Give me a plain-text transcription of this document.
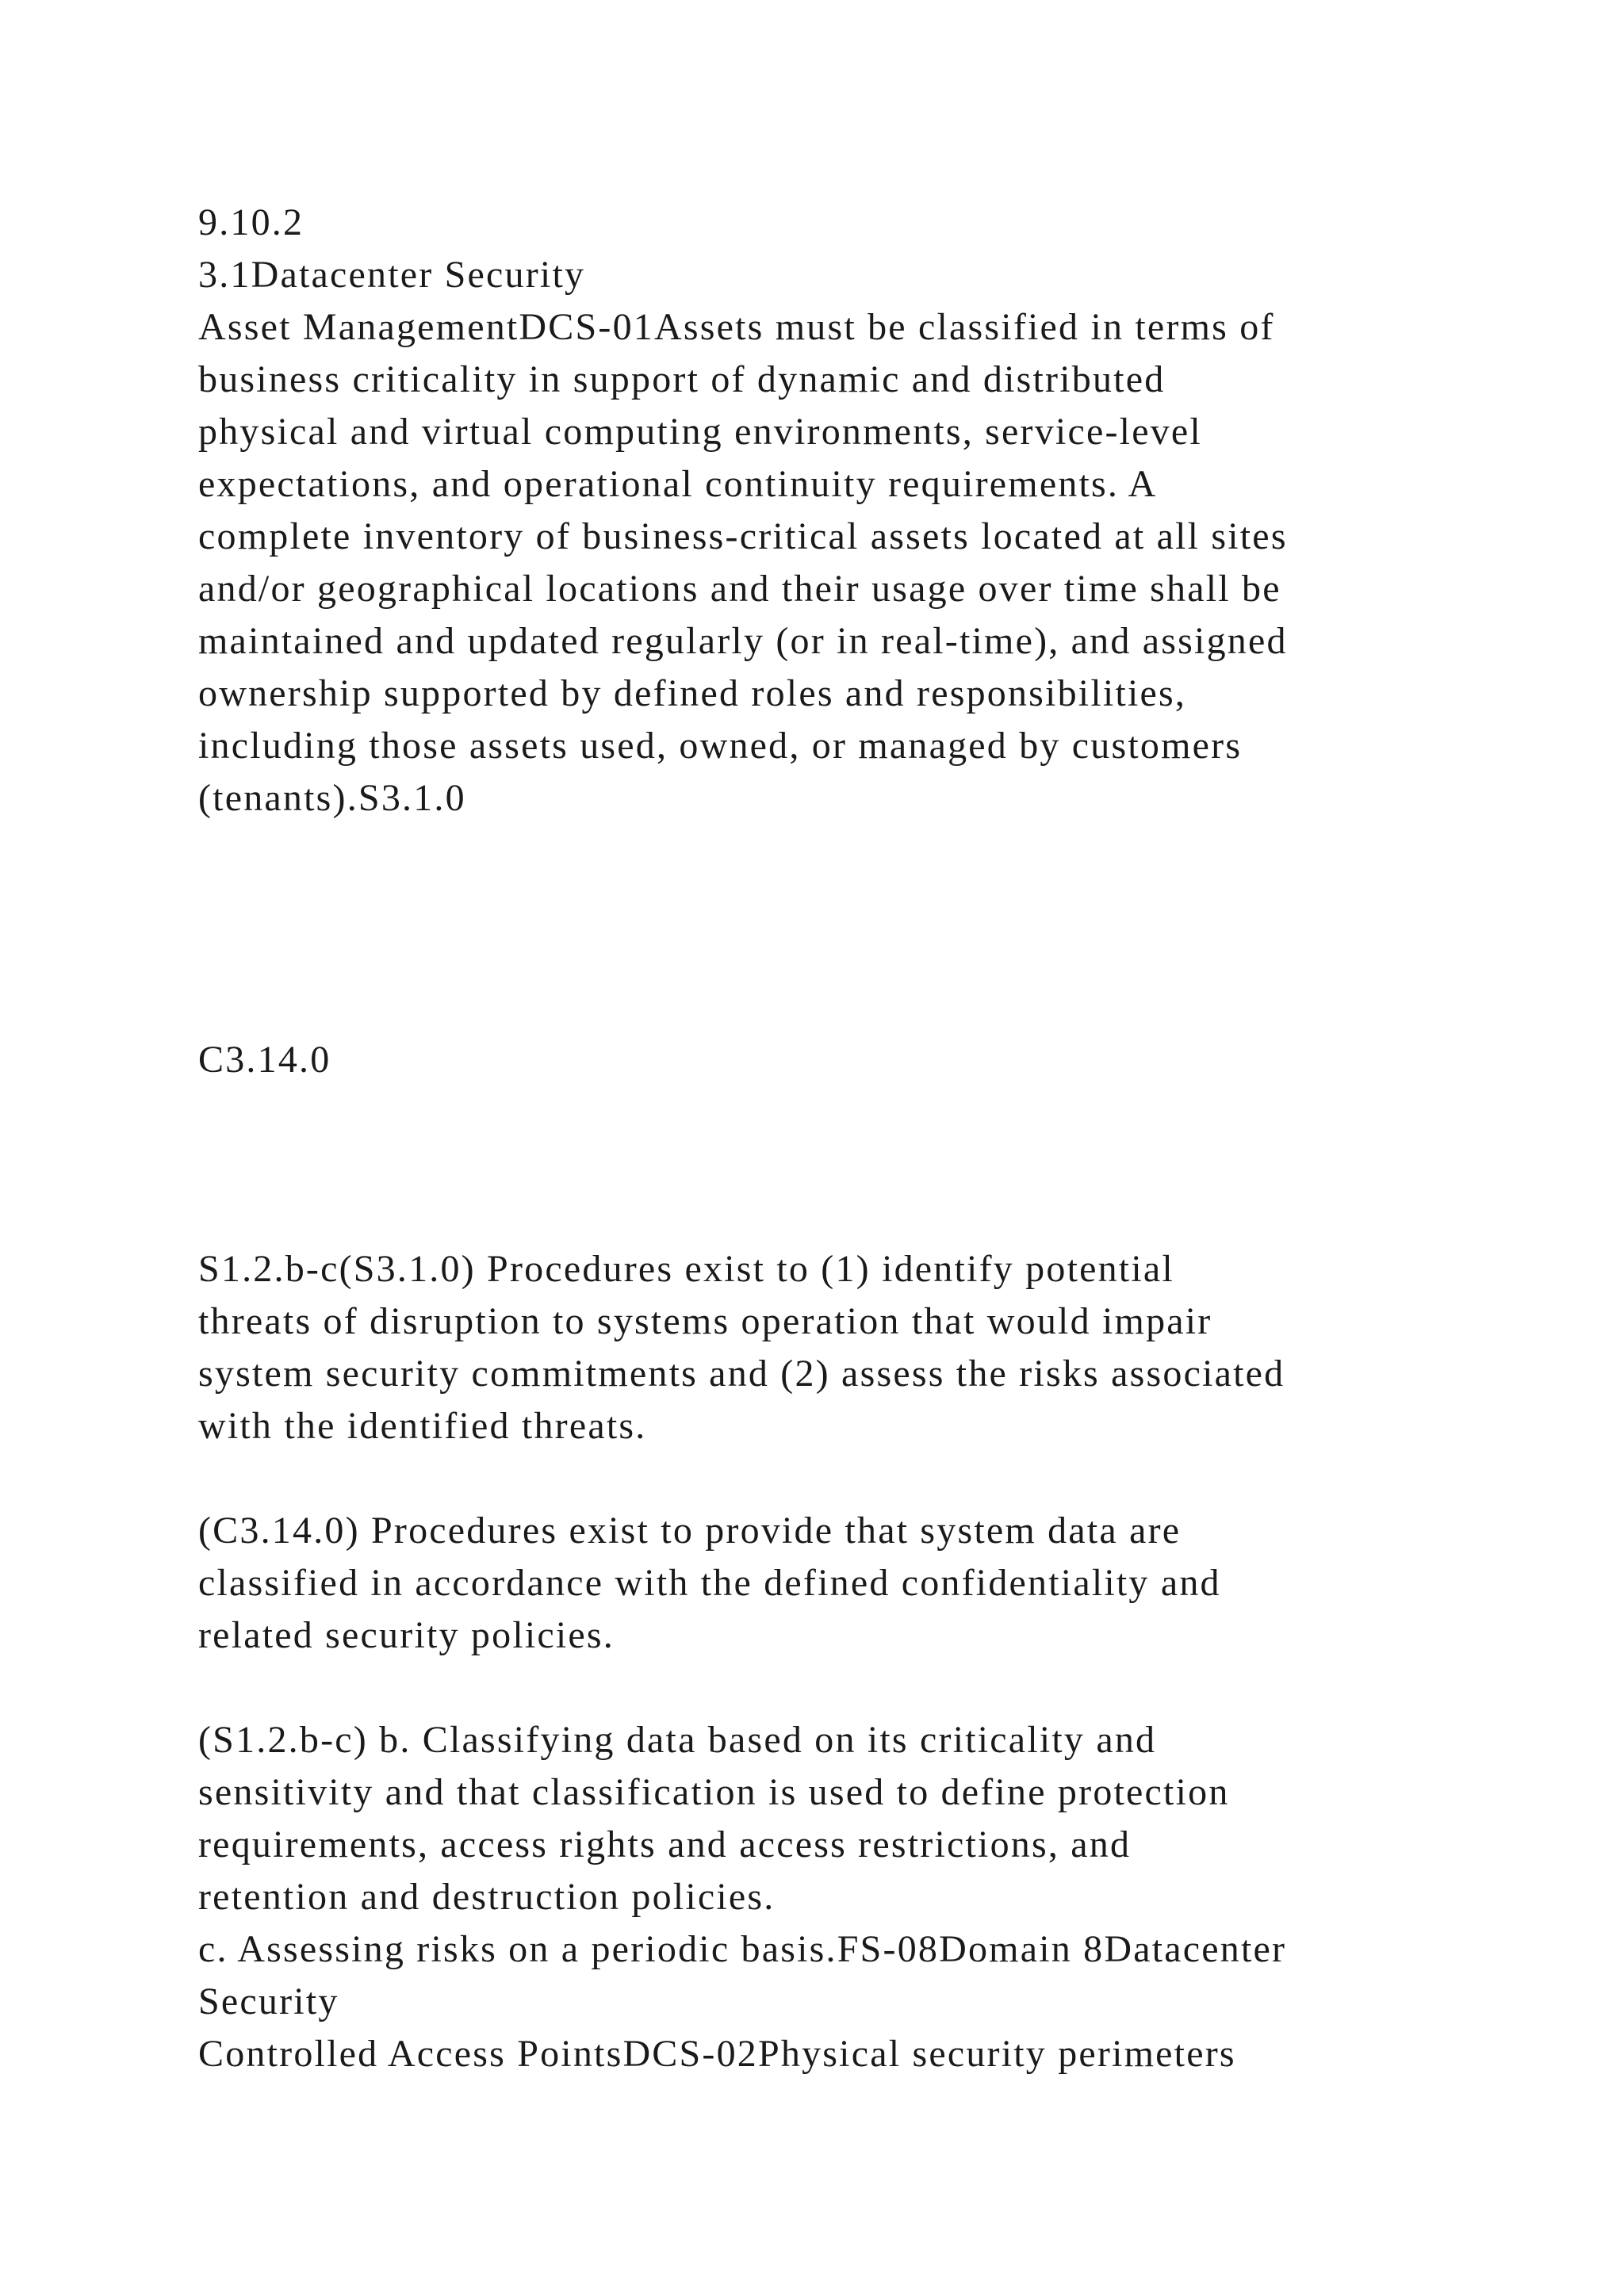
9.10.2
3.1Datacenter Security
Asset ManagementDCS-01Assets must be classified in terms of
business criticality in support of dynamic and distributed
physical and virtual computing environments, service-level
expectations, and operational continuity requirements. A
complete inventory of business-critical assets located at all sites
and/or geographical locations and their usage over time shall be
maintained and updated regularly (or in real-time), and assigned
ownership supported by defined roles and responsibilities,
including those assets used, owned, or managed by customers
(tenants).S3.1.0
C3.14.0
S1.2.b-c(S3.1.0) Procedures exist to (1) identify potential
threats of disruption to systems operation that would impair
system security commitments and (2) assess the risks associated
with the identified threats.
(C3.14.0) Procedures exist to provide that system data are
classified in accordance with the defined confidentiality and
related security policies.
(S1.2.b-c) b. Classifying data based on its criticality and
sensitivity and that classification is used to define protection
requirements, access rights and access restrictions, and
retention and destruction policies.
c. Assessing risks on a periodic basis.FS-08Domain 8Datacenter
Security
Controlled Access PointsDCS-02Physical security perimeters
